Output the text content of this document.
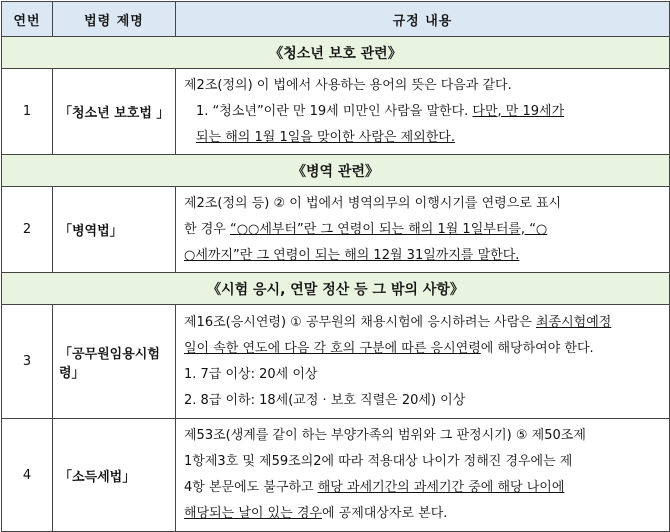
연번	법령 제명	규정 내용
《청소년 보호 관련》		
1	「청소년 보호법 」	제2조(정의) 이 법에서 사용하는 용어의 뜻은 다음과 같다.
1. “청소년”이란 만 19세 미만인 사람을 말한다. 다만, 만 19세가
되는 해의 1월 1일을 맞이한 사람은 제외한다.

《병역 관련》		
2	「병역법」	제2조(정의 등) ② 이 법에서 병역의무의 이행시기를 연령으로 표시
한 경우 “○○세부터”란 그 연령이 되는 해의 1월 1일부터를, “○
○세까지”란 그 연령이 되는 해의 12월 31일까지를 말한다.

《시험 응시, 연말 정산 등 그 밖의 사항》		
3	「공무원임용시험령」	제16조(응시연령) ① 공무원의 채용시험에 응시하려는 사람은 최종시험예정
일이 속한 연도에 다음 각 호의 구분에 따른 응시연령에 해당하여야 한다.
1. 7급 이상: 20세 이상
2. 8급 이하: 18세(교정 · 보호 직렬은 20세) 이상

4	「소득세법」	제53조(생계를 같이 하는 부양가족의 범위와 그 판정시기) ⑤ 제50조제
1항제3호 및 제59조의2에 따라 적용대상 나이가 정해진 경우에는 제
4항 본문에도 불구하고 해당 과세기간의 과세기간 중에 해당 나이에
해당되는 날이 있는 경우에 공제대상자로 본다.
